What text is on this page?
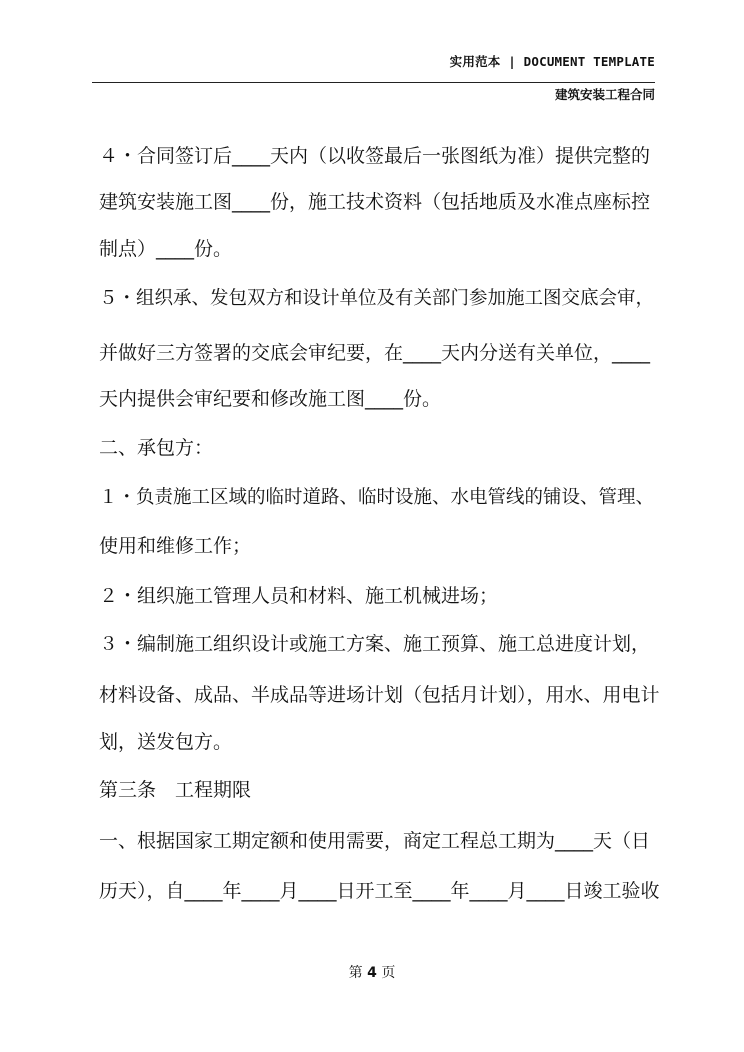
实用范本 | DOCUMENT TEMPLATE
建筑安装工程合同
４・合同签订后____天内（以收签最后一张图纸为准）提供完整的
建筑安装施工图____份，施工技术资料（包括地质及水准点座标控
制点）____份。
５・组织承、发包双方和设计单位及有关部门参加施工图交底会审，
并做好三方签署的交底会审纪要，在____天内分送有关单位，____
天内提供会审纪要和修改施工图____份。
二、承包方：
１・负责施工区域的临时道路、临时设施、水电管线的铺设、管理、
使用和维修工作；
２・组织施工管理人员和材料、施工机械进场；
３・编制施工组织设计或施工方案、施工预算、施工总进度计划，
材料设备、成品、半成品等进场计划（包括月计划），用水、用电计
划，送发包方。
第三条　工程期限
一、根据国家工期定额和使用需要，商定工程总工期为____天（日
历天），自____年____月____日开工至____年____月____日竣工验收
第 4 页
